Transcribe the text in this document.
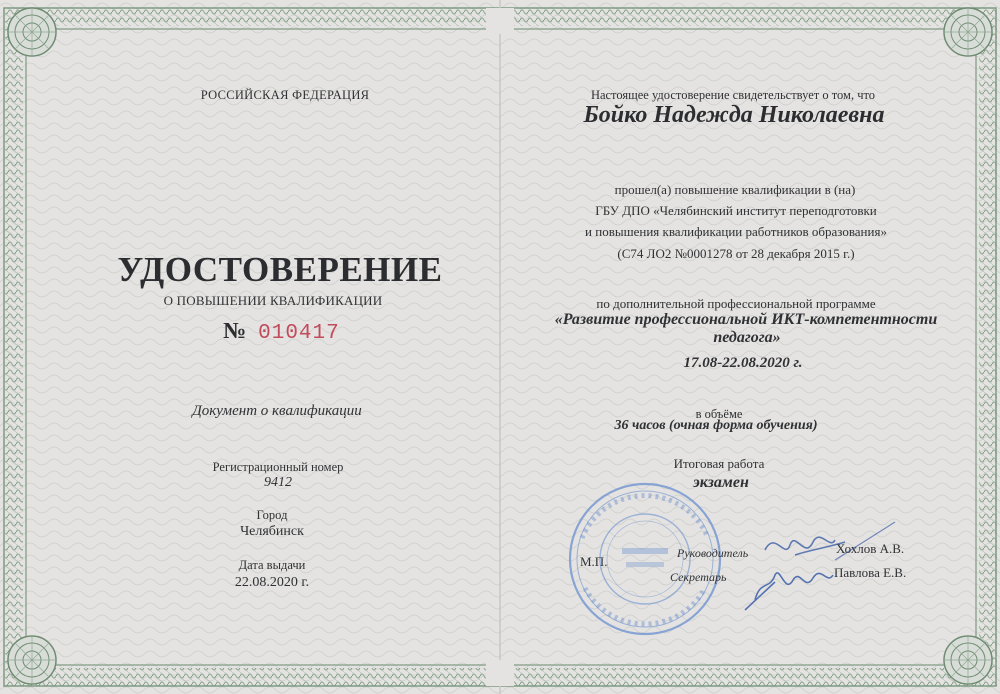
РОССИЙСКАЯ ФЕДЕРАЦИЯ
УДОСТОВЕРЕНИЕ
О ПОВЫШЕНИИ КВАЛИФИКАЦИИ
№ 010417
Документ о квалификации
Регистрационный номер
9412
Город
Челябинск
Дата выдачи
22.08.2020 г.
Настоящее удостоверение свидетельствует о том, что
Бойко Надежда Николаевна
прошел(а) повышение квалификации в (на)
ГБУ ДПО «Челябинский институт переподготовки
и повышения квалификации работников образования»
(С74 ЛО2 №0001278 от 28 декабря 2015 г.)
по дополнительной профессиональной программе
«Развитие профессиональной ИКТ-компетентности
педагога»
17.08-22.08.2020 г.
в объёме
36 часов (очная форма обучения)
Итоговая работа
экзамен
М.П.
Руководитель
Секретарь
Хохлов А.В.
Павлова Е.В.
